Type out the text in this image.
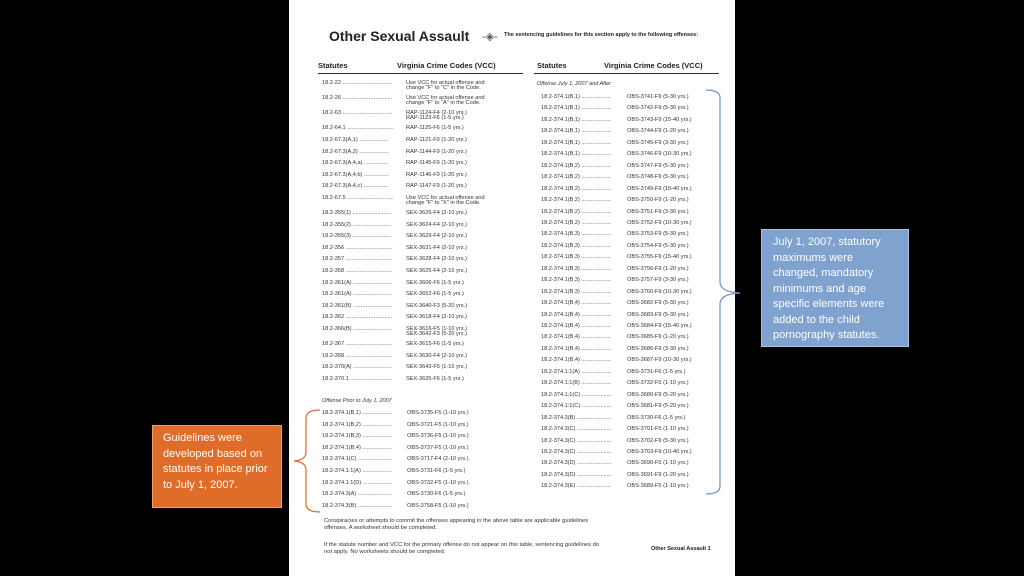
Other Sexual Assault -◈- The sentencing guidelines for this section apply to the following offenses:
Statutes	Virginia Crime Codes (VCC)	Statutes	Virginia Crime Codes (VCC)
18.2-22 ................................ Use VCC for actual offense and
change "F" to "C" in the Code.
18.2-26 ................................ Use VCC for actual offense and
change "F" to "A" in the Code.
18.2-63 ................................ RAP-1124-F4 (2-10 yrs.)
RAP-1123-F6 (1-5 yrs.)
18.2-64.1 .............................. RAP-1125-F6 (1-5 yrs.)
18.2-67.3(A,1) ...................	RAP-1121-F9 (1-20 yrs.)
18.2-67.3(A,2) ...................	RAP-1144-F9 (1-20 yrs.)
18.2-67.3(A,4,a) ................	RAP-1145-F9 (1-20 yrs.)
18.2-67.3(A,4,b) ................	RAP-1146-F9 (1-20 yrs.)
18.2-67.3(A,4,c) ................	RAP-1147-F9 (1-20 yrs.)
18.2-67.5 .............................. Use VCC for actual offense and
change "F" to "X" in the Code.
18.2-355(1) .........................	SEX-3626-F4 (2-10 yrs.)
18.2-355(2) .........................	SEX-3624-F4 (2-10 yrs.)
18.2-355(3) .........................	SEX-3629-F4 (2-10 yrs.)
18.2-356 .............................. SEX-3631-F4 (2-10 yrs.)
18.2-357 .............................. SEX-3628-F4 (2-10 yrs.)
18.2-358 .............................. SEX-3625-F4 (2-10 yrs.)
18.2-361(A) .........................	SEX-3606-F6 (1-5 yrs.)
18.2-361(A) .........................	SEX-3652-F6 (1-5 yrs.)
18.2-361(B) .........................	SEX-3640-F3 (5-20 yrs.)
18.2-362 .............................. SEX-3618-F4 (2-10 yrs.)
18.2-366(B) .........................	SEX-3616-F5 (1-10 yrs.)
SEX-3642-F3 (5-20 yrs.)
18.2-367 .............................. SEX-3615-F6 (1-5 yrs.)
18.2-368 .............................. SEX-3630-F4 (2-10 yrs.)
18.2-370(A) .........................	SEX-3643-F5 (1-10 yrs.)
18.2-370.1 ........................... SEX-3635-F6 (1-5 yrs.)
Offense Prior to July 1, 2007
18.2-374.1(B,1) ...................	OBS-3735-F5 (1-10 yrs.)
18.2-374.1(B,2) ...................	OBS-3721-F5 (1-10 yrs.)
18.2-374.1(B,3) ...................	OBS-3736-F5 (1-10 yrs.)
18.2-374.1(B,4) ...................	OBS-3737-F5 (1-10 yrs.)
18.2-374.1(C) ......................	OBS-3717-F4 (2-10 yrs.)
18.2-374.1:1(A) ...................	OBS-3731-F6 (1-5 yrs.)
18.2-374.1:1(D) ...................	OBS-3732-F5 (1-10 yrs.)
18.2-374.3(A) ......................	OBS-3730-F6 (1-5 yrs.)
18.2-374.3(B) ......................	OBS-3758-F5 (1-10 yrs.)
Offense July 1, 2007 and After
18.2-374.1(B,1) ...................	OBS-3741-F9 (5-30 yrs.)
18.2-374.1(B,1) ...................	OBS-3742-F9 (5-30 yrs.)
18.2-374.1(B,1) ...................	OBS-3743-F9 (15-40 yrs.)
18.2-374.1(B,1) ...................	OBS-3744-F9 (1-20 yrs.)
18.2-374.1(B,1) ...................	OBS-3745-F9 (3-30 yrs.)
18.2-374.1(B,1) ...................	OBS-3746-F9 (10-30 yrs.)
18.2-374.1(B,2) ...................	OBS-3747-F9 (5-30 yrs.)
18.2-374.1(B,2) ...................	OBS-3748-F9 (5-30 yrs.)
18.2-374.1(B,2) ...................	OBS-3749-F9 (15-40 yrs.)
18.2-374.1(B,2) ...................	OBS-3750-F9 (1-20 yrs.)
18.2-374.1(B,2) ...................	OBS-3751-F9 (3-30 yrs.)
18.2-374.1(B,2) ...................	OBS-3752-F9 (10-30 yrs.)
18.2-374.1(B,3) ...................	OBS-3753-F9 (5-30 yrs.)
18.2-374.1(B,3) ...................	OBS-3754-F9 (5-30 yrs.)
18.2-374.1(B,3) ...................	OBS-3755-F9 (15-40 yrs.)
18.2-374.1(B,3) ...................	OBS-3756-F9 (1-20 yrs.)
18.2-374.1(B,3) ...................	OBS-3757-F9 (3-30 yrs.)
18.2-374.1(B,3) ...................	OBS-3760-F9 (10-30 yrs.)
18.2-374.1(B,4) ...................	OBS-3682-F9 (5-30 yrs.)
18.2-374.1(B,4) ...................	OBS-3683-F9 (5-30 yrs.)
18.2-374.1(B,4) ...................	OBS-3684-F9 (15-40 yrs.)
18.2-374.1(B,4) ...................	OBS-3685-F9 (1-20 yrs.)
18.2-374.1(B,4) ...................	OBS-3686-F9 (3-30 yrs.)
18.2-374.1(B,4) ...................	OBS-3687-F9 (10-30 yrs.)
18.2-374.1:1(A) ...................	OBS-3731-F6 (1-5 yrs.)
18.2-374.1:1(B) ...................	OBS-3732-F5 (1-10 yrs.)
18.2-374.1:1(C) ...................	OBS-3680-F9 (5-20 yrs.)
18.2-374.1:1(C) ...................	OBS-3681-F9 (5-20 yrs.)
18.2-374.3(B) ......................	OBS-3730-F6 (1-5 yrs.)
18.2-374.3(C) ......................	OBS-3701-F5 (1-10 yrs.)
18.2-374.3(C) ......................	OBS-3702-F9 (5-30 yrs.)
18.2-374.3(C) ......................	OBS-3703-F9 (10-40 yrs.)
18.2-374.3(D) ......................	OBS-3690-F5 (1-10 yrs.)
18.2-374.3(D) ......................	OBS-3691-F9 (1-20 yrs.)
18.2-374.3(E) ......................	OBS-3689-F5 (1-10 yrs.)
Conspiracies or attempts to commit the offenses appearing in the above table are applicable guidelines
offenses. A worksheet should be completed.
If the statute number and VCC for the primary offense do not appear on this table, sentencing guidelines do
not apply. No worksheets should be completed.	Other Sexual Assault 1
Guidelines were developed based on statutes in place prior to July 1, 2007.
July 1, 2007, statutory maximums were changed, mandatory minimums and age specific elements were added to the child pornography statutes.
